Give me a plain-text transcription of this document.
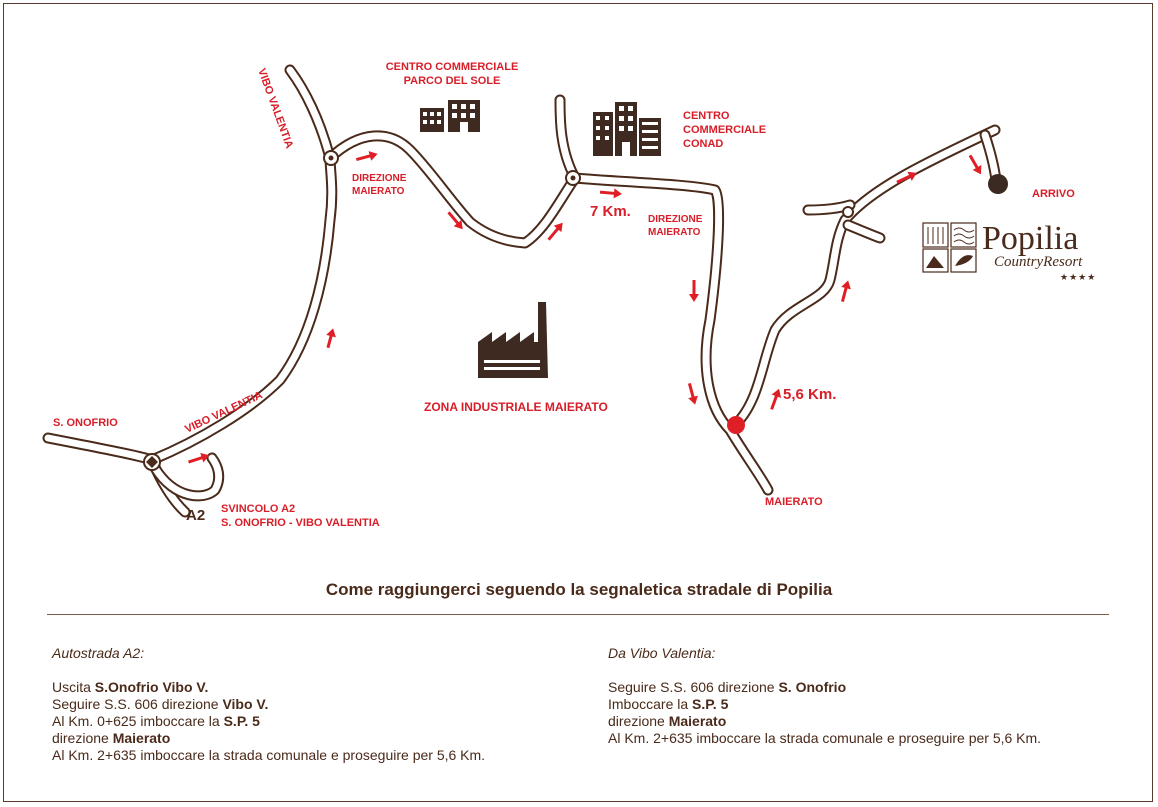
VIBO VALENTIA
VIBO VALENTIA
CENTRO COMMERCIALE
PARCO DEL SOLE
CENTRO
COMMERCIALE
CONAD
DIREZIONE
MAIERATO
DIREZIONE
MAIERATO
7 Km.
5,6 Km.
ARRIVO
S. ONOFRIO
A2 SVINCOLO A2
S. ONOFRIO - VIBO VALENTIA
ZONA INDUSTRIALE MAIERATO
MAIERATO
Popilia
CountryResort
★★★★
Come raggiungerci seguendo la segnaletica stradale di Popilia
Autostrada A2:
Uscita S.Onofrio Vibo V.
Seguire S.S. 606 direzione Vibo V.
Al Km. 0+625 imboccare la S.P. 5
direzione Maierato
Al Km. 2+635 imboccare la strada comunale e proseguire per 5,6 Km.
Da Vibo Valentia:
Seguire S.S. 606 direzione S. Onofrio
Imboccare la S.P. 5
direzione Maierato
Al Km. 2+635 imboccare la strada comunale e proseguire per 5,6 Km.
